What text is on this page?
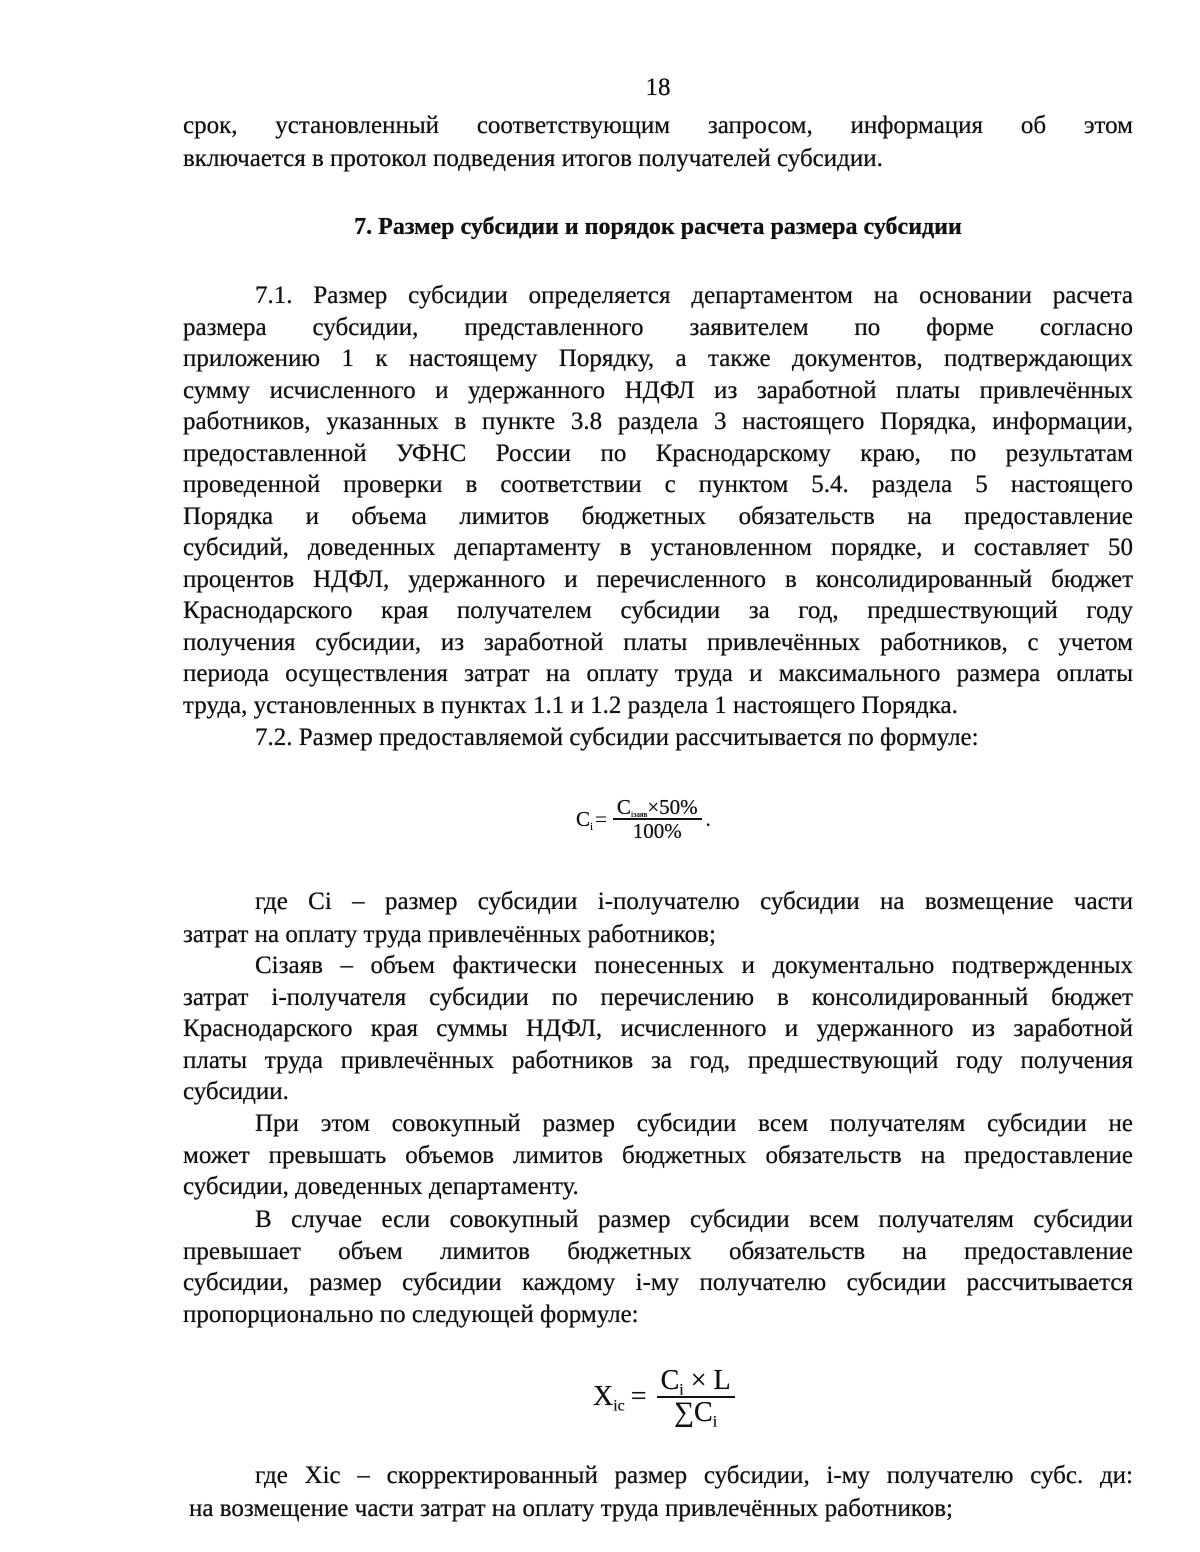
18
срок, установленный соответствующим запросом, информация об этом
включается в протокол подведения итогов получателей субсидии.
7. Размер субсидии и порядок расчета размера субсидии
7.1. Размер субсидии определяется департаментом на основании расчета
размера субсидии, представленного заявителем по форме согласно
приложению 1 к настоящему Порядку, а также документов, подтверждающих
сумму исчисленного и удержанного НДФЛ из заработной платы привлечённых
работников, указанных в пункте 3.8 раздела 3 настоящего Порядка, информации,
предоставленной УФНС России по Краснодарскому краю, по результатам
проведенной проверки в соответствии с пунктом 5.4. раздела 5 настоящего
Порядка и объема лимитов бюджетных обязательств на предоставление
субсидий, доведенных департаменту в установленном порядке, и составляет 50
процентов НДФЛ, удержанного и перечисленного в консолидированный бюджет
Краснодарского края получателем субсидии за год, предшествующий году
получения субсидии, из заработной платы привлечённых работников, с учетом
периода осуществления затрат на оплату труда и максимального размера оплаты
труда, установленных в пунктах 1.1 и 1.2 раздела 1 настоящего Порядка.
7.2. Размер предоставляемой субсидии рассчитывается по формуле:
$C_i = \frac{C_{iзаяв}\times 50\%}{100\%}$ .
где Ci – размер субсидии i-получателю субсидии на возмещение части
затрат на оплату труда привлечённых работников;
Сiзаяв – объем фактически понесенных и документально подтвержденных
затрат i-получателя субсидии по перечислению в консолидированный бюджет
Краснодарского края суммы НДФЛ, исчисленного и удержанного из заработной
платы труда привлечённых работников за год, предшествующий году получения
субсидии.
При этом совокупный размер субсидии всем получателям субсидии не
может превышать объемов лимитов бюджетных обязательств на предоставление
субсидии, доведенных департаменту.
В случае если совокупный размер субсидии всем получателям субсидии
превышает объем лимитов бюджетных обязательств на предоставление
субсидии, размер субсидии каждому i-му получателю субсидии рассчитывается
пропорционально по следующей формуле:
$X_{ic} = \frac{C_i \times L}{\sum C_i}$
где Xic – скорректированный размер субсидии, i-му получателю субс. ди:
на возмещение части затрат на оплату труда привлечённых работников;
